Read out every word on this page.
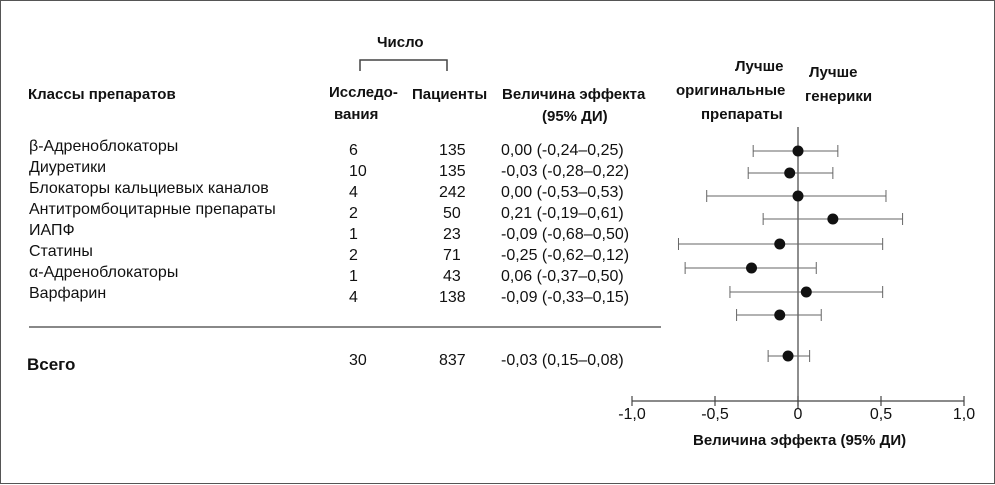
Классы препаратов
Число
Исследо-
вания
Пациенты Величина эффекта
(95% ДИ)
Лучше
оригинальные
препараты
Лучше
генерики
β-Адреноблокаторы	6	135 0,00 (-0,24–0,25)
Диуретики	10	135 -0,03 (-0,28–0,22)
Блокаторы кальциевых каналов	4	242 0,00 (-0,53–0,53)
Антитромбоцитарные препараты	2	50	0,21 (-0,19–0,61)
ИАПФ	1	23	-0,09 (-0,68–0,50)
Статины	2	71	-0,25 (-0,62–0,12)
α-Адреноблокаторы	1	43	0,06 (-0,37–0,50)
Варфарин	4	138 -0,09 (-0,33–0,15)
Всего	30	837 -0,03 (0,15–0,08)
-1,0	-0,5	0	0,5	1,0
Величина эффекта (95% ДИ)
